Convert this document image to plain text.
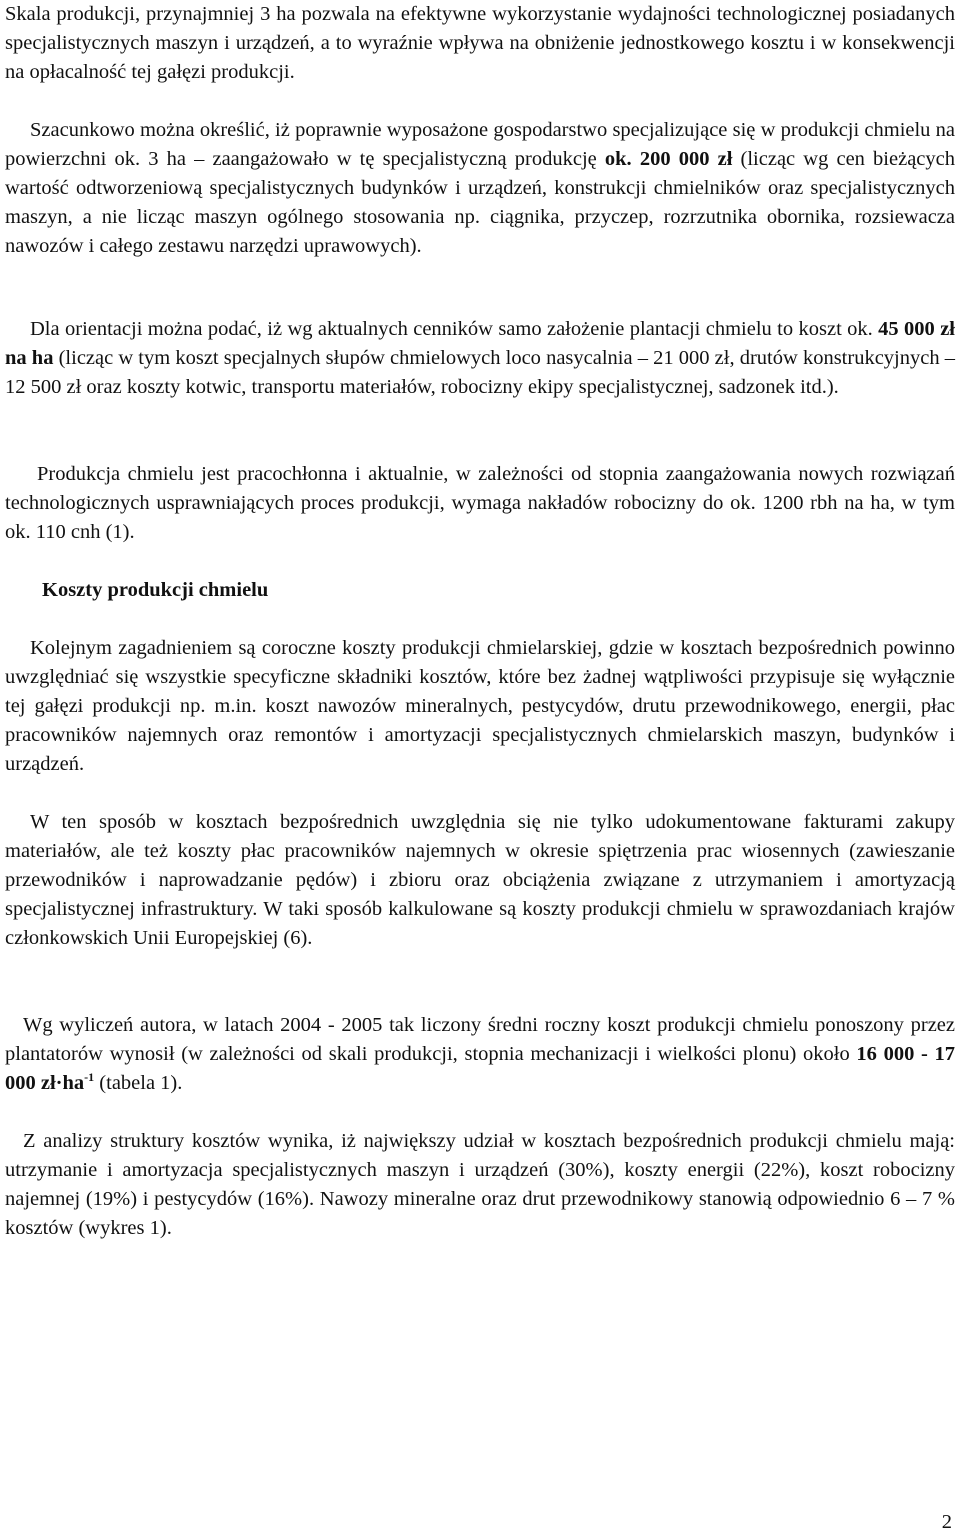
Skala produkcji, przynajmniej 3 ha pozwala na efektywne wykorzystanie wydajności technologicznej posiadanych specjalistycznych maszyn i urządzeń, a to wyraźnie wpływa na obniżenie jednostkowego kosztu i w konsekwencji na opłacalność tej gałęzi produkcji.

Szacunkowo można określić, iż poprawnie wyposażone gospodarstwo specjalizujące się w produkcji chmielu na powierzchni ok. 3 ha – zaangażowało w tę specjalistyczną produkcję ok. 200 000 zł (licząc wg cen bieżących wartość odtworzeniową specjalistycznych budynków i urządzeń, konstrukcji chmielników oraz specjalistycznych maszyn, a nie licząc maszyn ogólnego stosowania np. ciągnika, przyczep, rozrzutnika obornika, rozsiewacza nawozów i całego zestawu narzędzi uprawowych).

Dla orientacji można podać, iż wg aktualnych cenników samo założenie plantacji chmielu to koszt ok. 45 000 zł na ha (licząc w tym koszt specjalnych słupów chmielowych loco nasycalnia – 21 000 zł, drutów konstrukcyjnych – 12 500 zł oraz koszty kotwic, transportu materiałów, robocizny ekipy specjalistycznej, sadzonek itd.).

Produkcja chmielu jest pracochłonna i aktualnie, w zależności od stopnia zaangażowania nowych rozwiązań technologicznych usprawniających proces produkcji, wymaga nakładów robocizny do ok. 1200 rbh na ha, w tym ok. 110 cnh (1).

Koszty produkcji chmielu

Kolejnym zagadnieniem są coroczne koszty produkcji chmielarskiej, gdzie w kosztach bezpośrednich powinno uwzględniać się wszystkie specyficzne składniki kosztów, które bez żadnej wątpliwości przypisuje się wyłącznie tej gałęzi produkcji np. m.in. koszt nawozów mineralnych, pestycydów, drutu przewodnikowego, energii, płac pracowników najemnych oraz remontów i amortyzacji specjalistycznych chmielarskich maszyn, budynków i urządzeń.

W ten sposób w kosztach bezpośrednich uwzględnia się nie tylko udokumentowane fakturami zakupy materiałów, ale też koszty płac pracowników najemnych w okresie spiętrzenia prac wiosennych (zawieszanie przewodników i naprowadzanie pędów) i zbioru oraz obciążenia związane z utrzymaniem i amortyzacją specjalistycznej infrastruktury. W taki sposób kalkulowane są koszty produkcji chmielu w sprawozdaniach krajów członkowskich Unii Europejskiej (6).

Wg wyliczeń autora, w latach 2004 - 2005 tak liczony średni roczny koszt produkcji chmielu ponoszony przez plantatorów wynosił (w zależności od skali produkcji, stopnia mechanizacji i wielkości plonu) około 16 000 - 17 000 $zł\cdot ha^{-1}$ (tabela 1).

Z analizy struktury kosztów wynika, iż największy udział w kosztach bezpośrednich produkcji chmielu mają: utrzymanie i amortyzacja specjalistycznych maszyn i urządzeń (30%), koszty energii (22%), koszt robocizny najemnej (19%) i pestycydów (16%). Nawozy mineralne oraz drut przewodnikowy stanowią odpowiednio 6 – 7 % kosztów (wykres 1).

2
